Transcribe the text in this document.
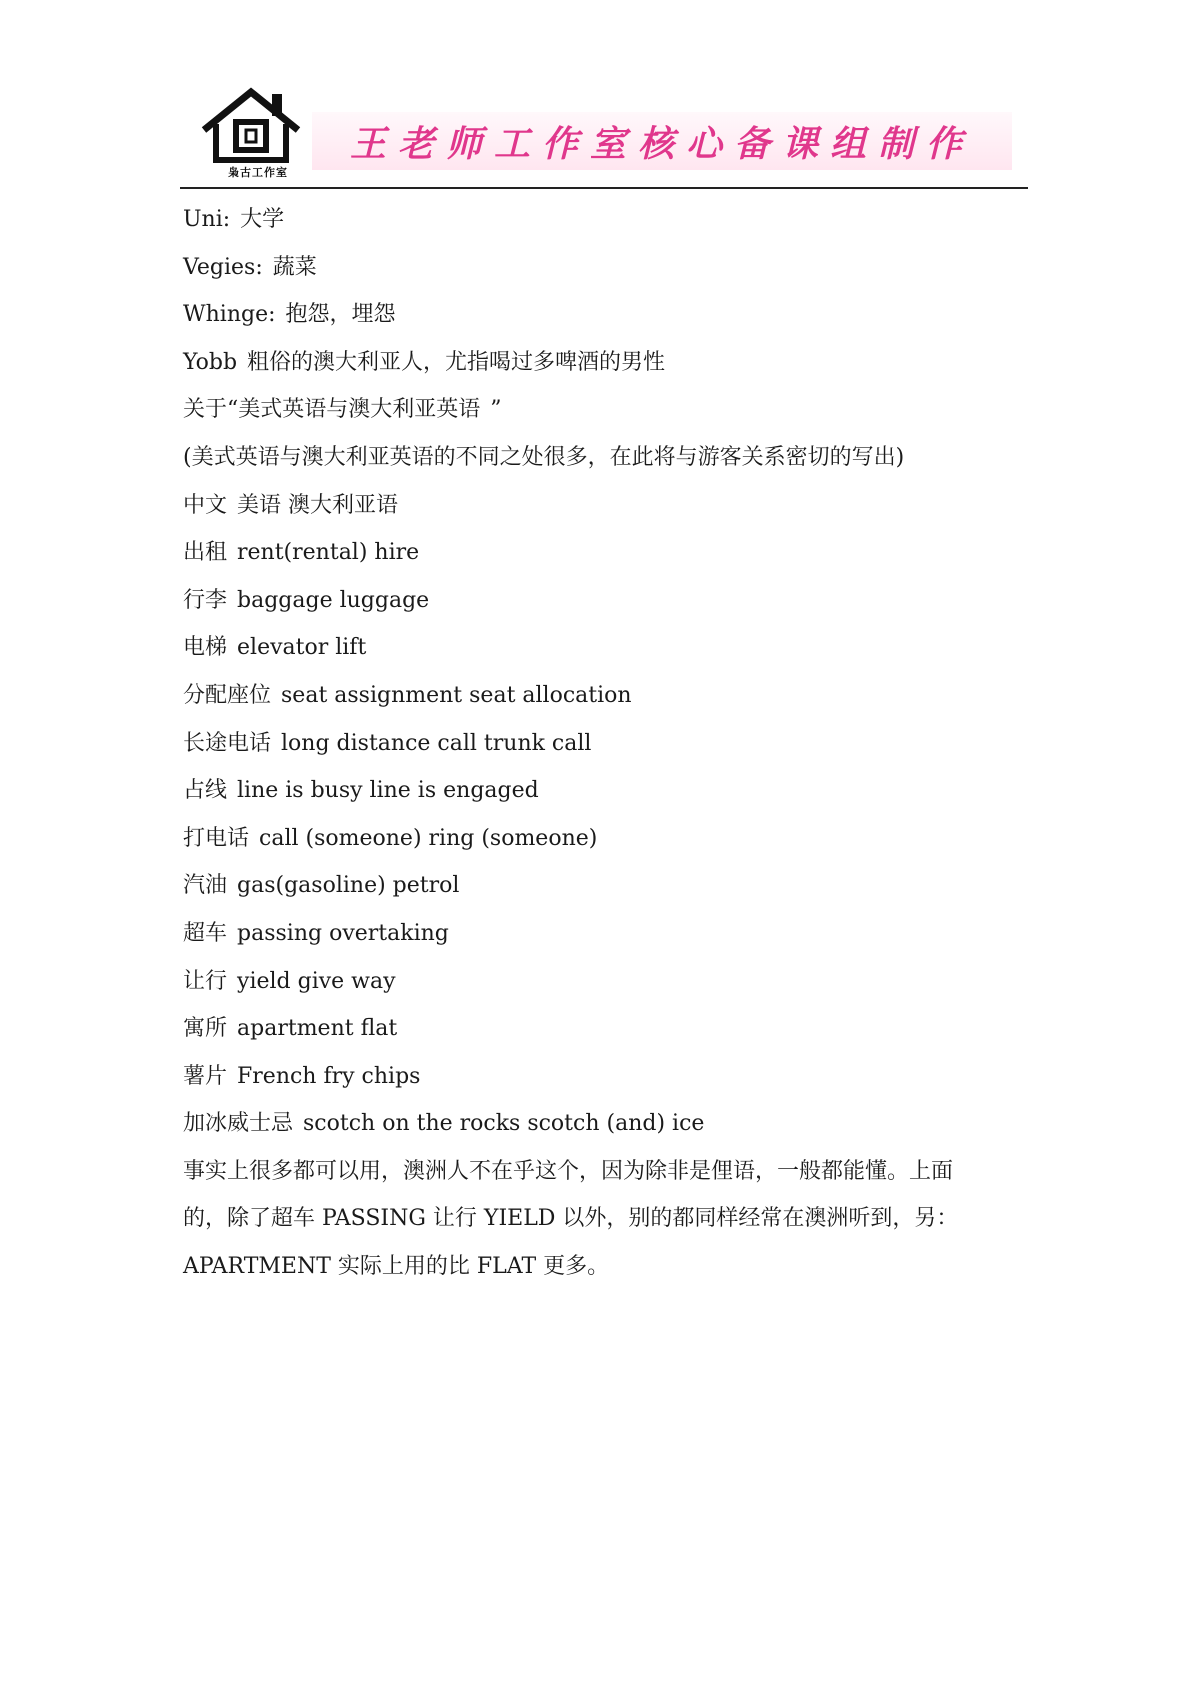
枭古工作室
王老师工作室核心备课组制作
Uni: 大学
Vegies: 蔬菜
Whinge: 抱怨，埋怨
Yobb 粗俗的澳大利亚人，尤指喝过多啤酒的男性
关于“美式英语与澳大利亚英语 ”
(美式英语与澳大利亚英语的不同之处很多，在此将与游客关系密切的写出)
中文 美语 澳大利亚语
出租 rent(rental) hire
行李 baggage luggage
电梯 elevator lift
分配座位 seat assignment seat allocation
长途电话 long distance call trunk call
占线 line is busy line is engaged
打电话 call (someone) ring (someone)
汽油 gas(gasoline) petrol
超车 passing overtaking
让行 yield give way
寓所 apartment flat
薯片 French fry chips
加冰威士忌 scotch on the rocks scotch (and) ice
事实上很多都可以用，澳洲人不在乎这个，因为除非是俚语，一般都能懂。上面
的，除了超车 PASSING 让行 YIELD 以外，别的都同样经常在澳洲听到，另：
APARTMENT 实际上用的比 FLAT 更多。
